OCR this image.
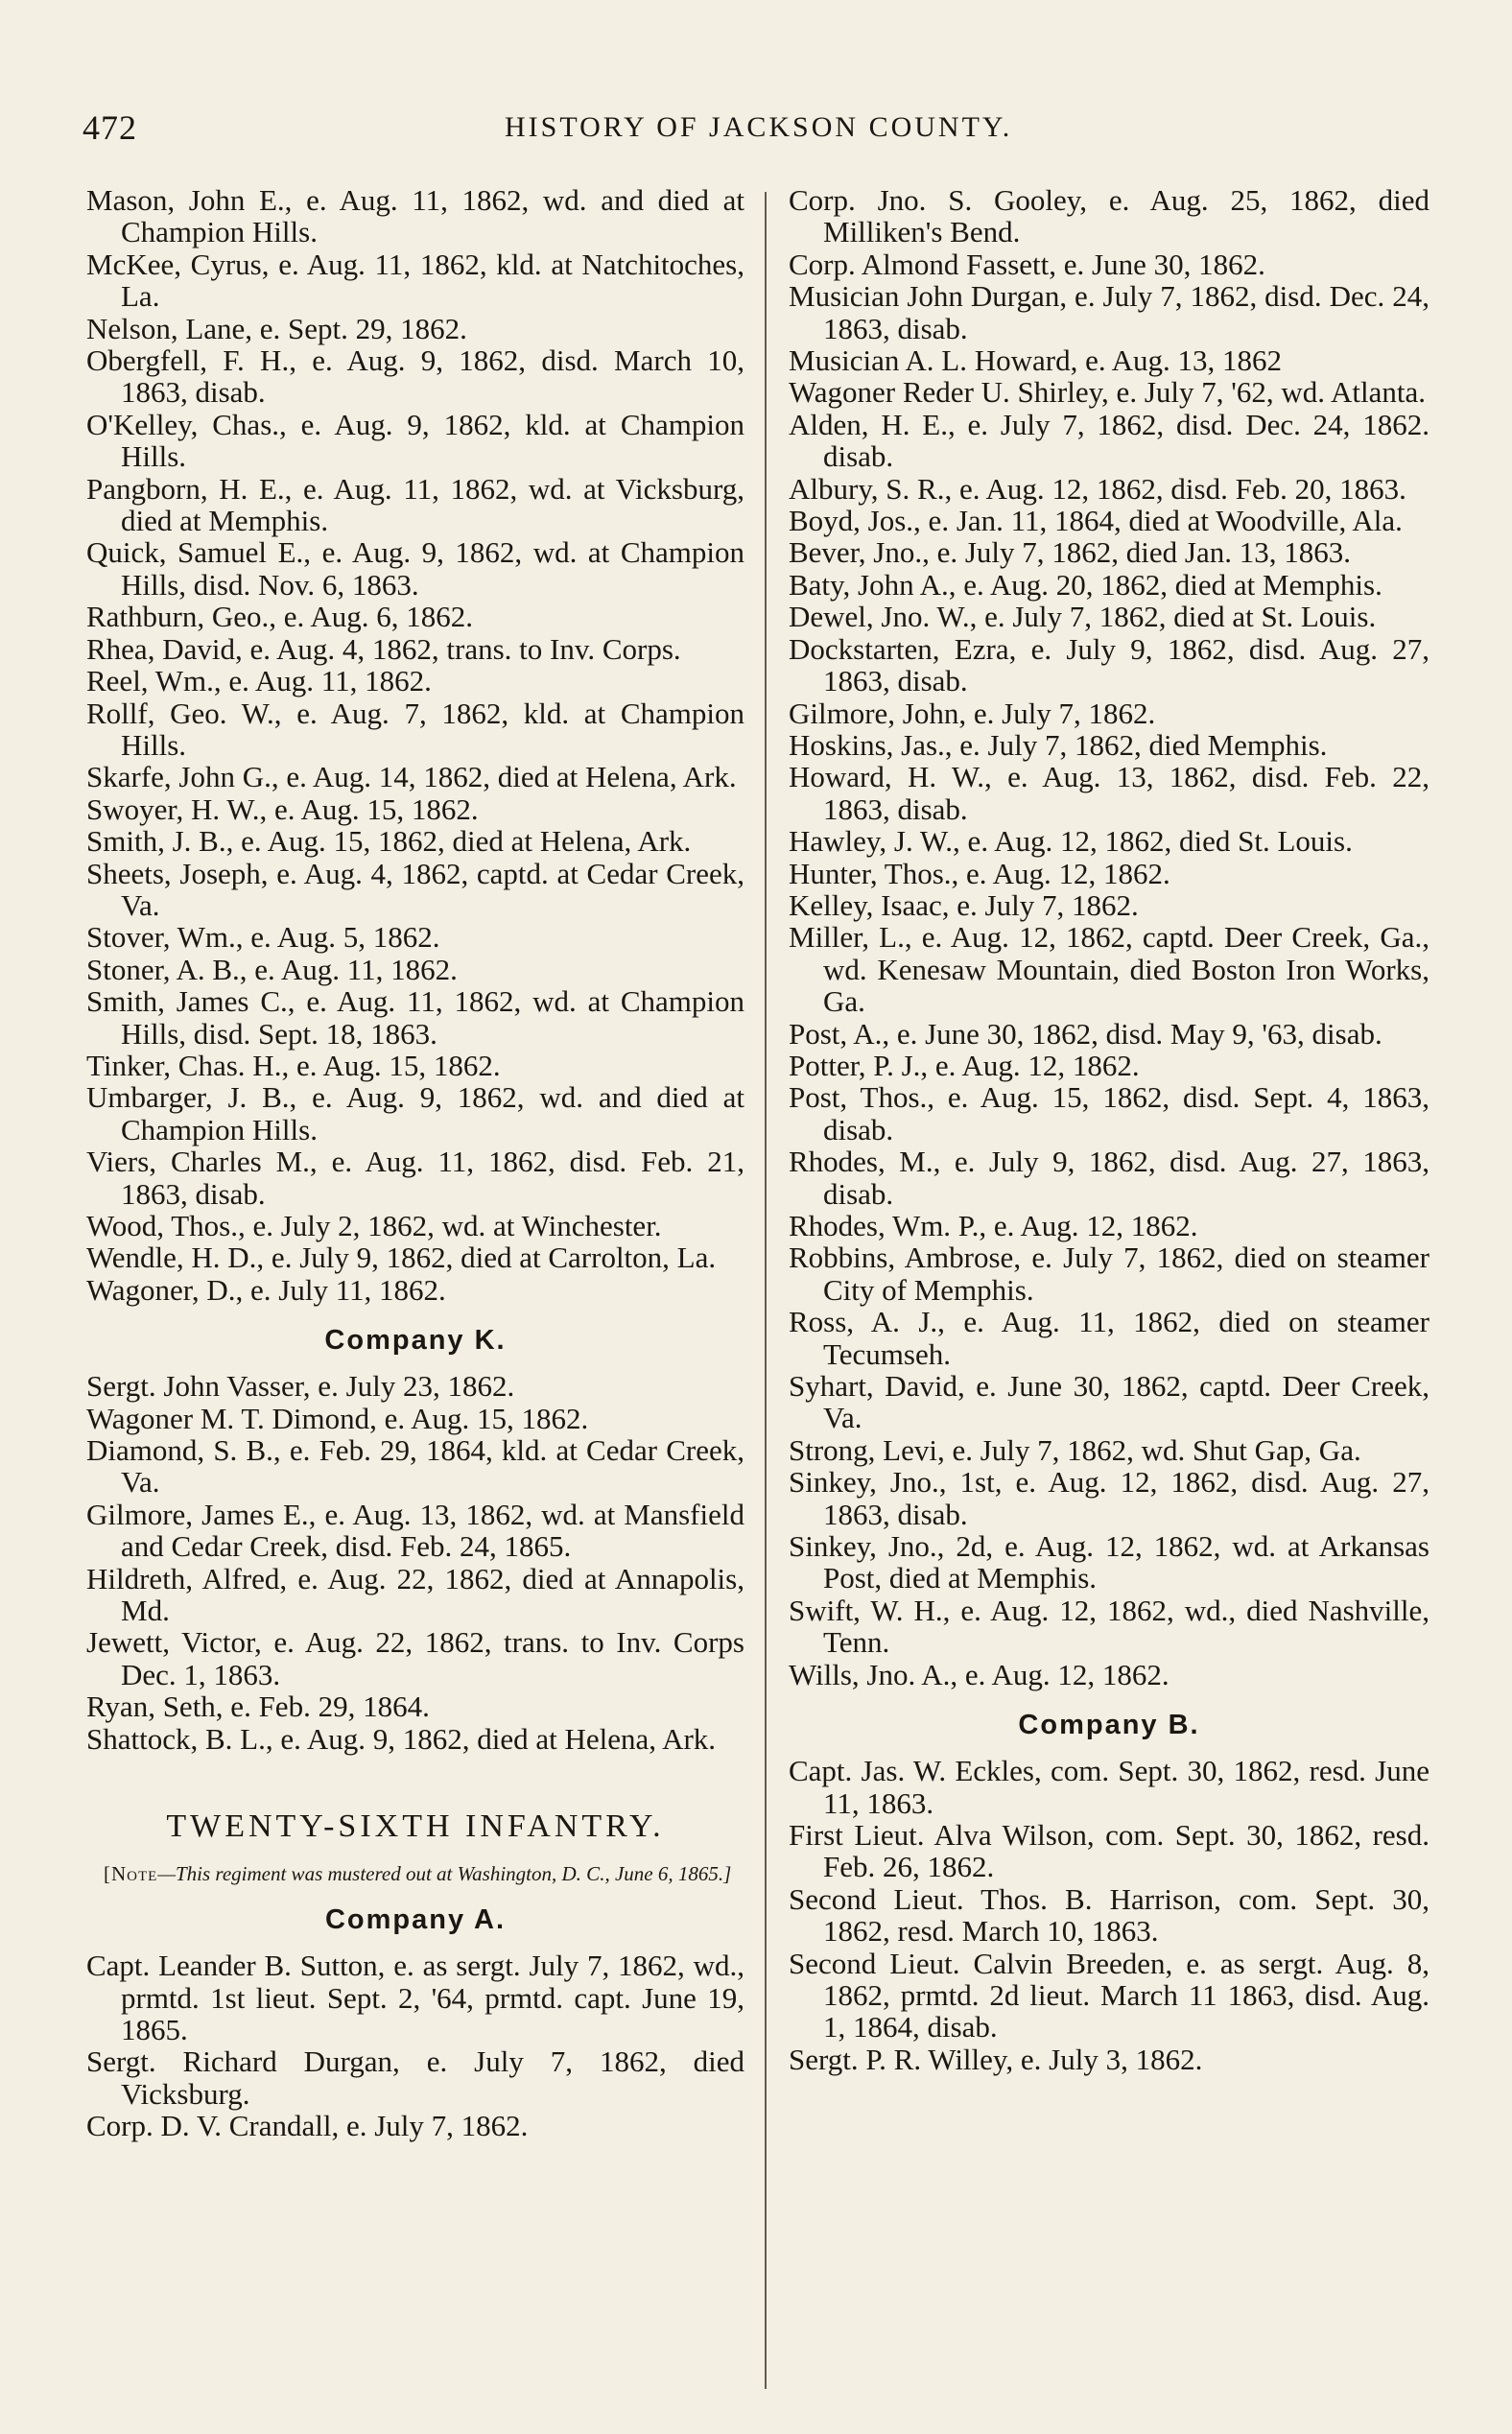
472	HISTORY OF JACKSON COUNTY.

Mason, John E., e. Aug. 11, 1862, wd. and died at Champion Hills.

McKee, Cyrus, e. Aug. 11, 1862, kld. at Natchitoches, La.

Nelson, Lane, e. Sept. 29, 1862.

Obergfell, F. H., e. Aug. 9, 1862, disd. March 10, 1863, disab.

O'Kelley, Chas., e. Aug. 9, 1862, kld. at Champion Hills.

Pangborn, H. E., e. Aug. 11, 1862, wd. at Vicksburg, died at Memphis.

Quick, Samuel E., e. Aug. 9, 1862, wd. at Champion Hills, disd. Nov. 6, 1863.

Rathburn, Geo., e. Aug. 6, 1862.

Rhea, David, e. Aug. 4, 1862, trans. to Inv. Corps.

Reel, Wm., e. Aug. 11, 1862.

Rollf, Geo. W., e. Aug. 7, 1862, kld. at Champion Hills.

Skarfe, John G., e. Aug. 14, 1862, died at Helena, Ark.

Swoyer, H. W., e. Aug. 15, 1862.

Smith, J. B., e. Aug. 15, 1862, died at Helena, Ark.

Sheets, Joseph, e. Aug. 4, 1862, captd. at Cedar Creek, Va.

Stover, Wm., e. Aug. 5, 1862.

Stoner, A. B., e. Aug. 11, 1862.

Smith, James C., e. Aug. 11, 1862, wd. at Champion Hills, disd. Sept. 18, 1863.

Tinker, Chas. H., e. Aug. 15, 1862.

Umbarger, J. B., e. Aug. 9, 1862, wd. and died at Champion Hills.

Viers, Charles M., e. Aug. 11, 1862, disd. Feb. 21, 1863, disab.

Wood, Thos., e. July 2, 1862, wd. at Winchester.

Wendle, H. D., e. July 9, 1862, died at Carrolton, La.

Wagoner, D., e. July 11, 1862.

Company K.

Sergt. John Vasser, e. July 23, 1862.

Wagoner M. T. Dimond, e. Aug. 15, 1862.

Diamond, S. B., e. Feb. 29, 1864, kld. at Cedar Creek, Va.

Gilmore, James E., e. Aug. 13, 1862, wd. at Mansfield and Cedar Creek, disd. Feb. 24, 1865.

Hildreth, Alfred, e. Aug. 22, 1862, died at Annapolis, Md.

Jewett, Victor, e. Aug. 22, 1862, trans. to Inv. Corps Dec. 1, 1863.

Ryan, Seth, e. Feb. 29, 1864.

Shattock, B. L., e. Aug. 9, 1862, died at Helena, Ark.

TWENTY-SIXTH INFANTRY.

[Note—This regiment was mustered out at Washington, D. C., June 6, 1865.]

Company A.

Capt. Leander B. Sutton, e. as sergt. July 7, 1862, wd., prmtd. 1st lieut. Sept. 2, '64, prmtd. capt. June 19, 1865.

Sergt. Richard Durgan, e. July 7, 1862, died Vicksburg.

Corp. D. V. Crandall, e. July 7, 1862.

Corp. Jno. S. Gooley, e. Aug. 25, 1862, died Milliken's Bend.

Corp. Almond Fassett, e. June 30, 1862.

Musician John Durgan, e. July 7, 1862, disd. Dec. 24, 1863, disab.

Musician A. L. Howard, e. Aug. 13, 1862

Wagoner Reder U. Shirley, e. July 7, '62, wd. Atlanta.

Alden, H. E., e. July 7, 1862, disd. Dec. 24, 1862. disab.

Albury, S. R., e. Aug. 12, 1862, disd. Feb. 20, 1863.

Boyd, Jos., e. Jan. 11, 1864, died at Woodville, Ala.

Bever, Jno., e. July 7, 1862, died Jan. 13, 1863.

Baty, John A., e. Aug. 20, 1862, died at Memphis.

Dewel, Jno. W., e. July 7, 1862, died at St. Louis.

Dockstarten, Ezra, e. July 9, 1862, disd. Aug. 27, 1863, disab.

Gilmore, John, e. July 7, 1862.

Hoskins, Jas., e. July 7, 1862, died Memphis.

Howard, H. W., e. Aug. 13, 1862, disd. Feb. 22, 1863, disab.

Hawley, J. W., e. Aug. 12, 1862, died St. Louis.

Hunter, Thos., e. Aug. 12, 1862.

Kelley, Isaac, e. July 7, 1862.

Miller, L., e. Aug. 12, 1862, captd. Deer Creek, Ga., wd. Kenesaw Mountain, died Boston Iron Works, Ga.

Post, A., e. June 30, 1862, disd. May 9, '63, disab.

Potter, P. J., e. Aug. 12, 1862.

Post, Thos., e. Aug. 15, 1862, disd. Sept. 4, 1863, disab.

Rhodes, M., e. July 9, 1862, disd. Aug. 27, 1863, disab.

Rhodes, Wm. P., e. Aug. 12, 1862.

Robbins, Ambrose, e. July 7, 1862, died on steamer City of Memphis.

Ross, A. J., e. Aug. 11, 1862, died on steamer Tecumseh.

Syhart, David, e. June 30, 1862, captd. Deer Creek, Va.

Strong, Levi, e. July 7, 1862, wd. Shut Gap, Ga.

Sinkey, Jno., 1st, e. Aug. 12, 1862, disd. Aug. 27, 1863, disab.

Sinkey, Jno., 2d, e. Aug. 12, 1862, wd. at Arkansas Post, died at Memphis.

Swift, W. H., e. Aug. 12, 1862, wd., died Nashville, Tenn.

Wills, Jno. A., e. Aug. 12, 1862.

Company B.

Capt. Jas. W. Eckles, com. Sept. 30, 1862, resd. June 11, 1863.

First Lieut. Alva Wilson, com. Sept. 30, 1862, resd. Feb. 26, 1862.

Second Lieut. Thos. B. Harrison, com. Sept. 30, 1862, resd. March 10, 1863.

Second Lieut. Calvin Breeden, e. as sergt. Aug. 8, 1862, prmtd. 2d lieut. March 11 1863, disd. Aug. 1, 1864, disab.

Sergt. P. R. Willey, e. July 3, 1862.
